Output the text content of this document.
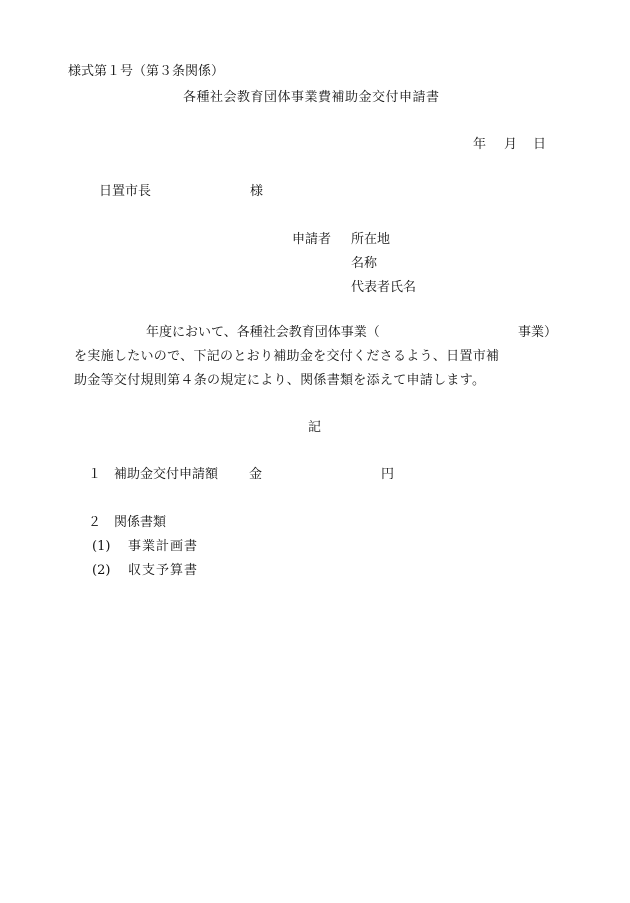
様式第１号（第３条関係）
各種社会教育団体事業費補助金交付申請書
年 月 日
日置市長	様
申請者 所在地
名称
代表者氏名
年度において、各種社会教育団体事業（	事業）
を実施したいので、下記のとおり補助金を交付くださるよう、日置市補
助金等交付規則第４条の規定により、関係書類を添えて申請します。
記
１ 補助金交付申請額 金	円
２ 関係書類
(1) 事業計画書
(2) 収支予算書
